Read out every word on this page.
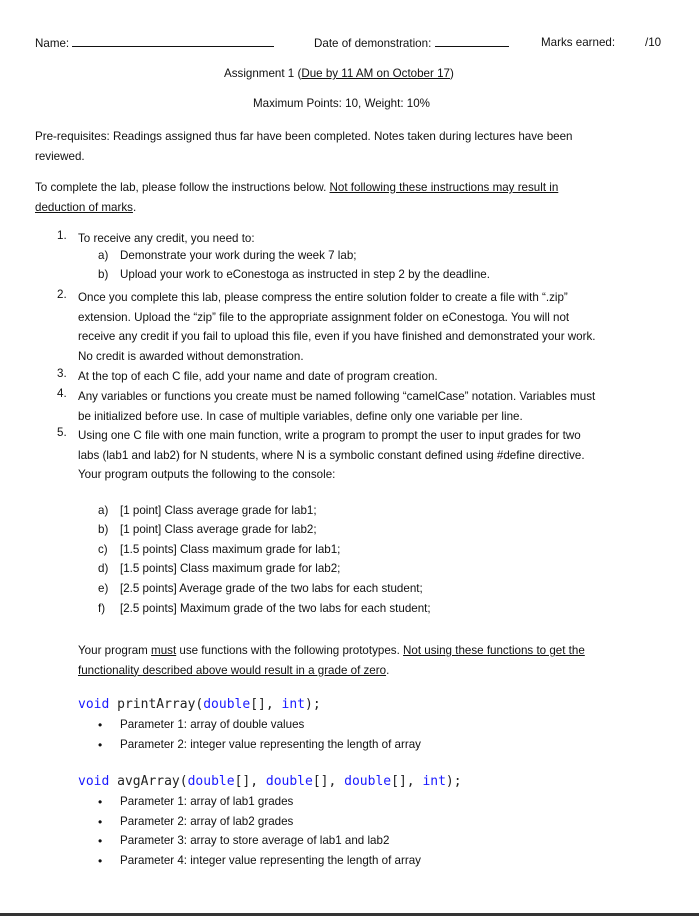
Name:	Date of demonstration:	Marks earned:	/10
Assignment 1 (Due by 11 AM on October 17)
Maximum Points: 10, Weight: 10%
Pre-requisites: Readings assigned thus far have been completed. Notes taken during lectures have been
reviewed.
To complete the lab, please follow the instructions below. Not following these instructions may result in
deduction of marks.
1. To receive any credit, you need to:
a) Demonstrate your work during the week 7 lab;
b) Upload your work to eConestoga as instructed in step 2 by the deadline.
2. Once you complete this lab, please compress the entire solution folder to create a file with “.zip”
extension. Upload the “zip” file to the appropriate assignment folder on eConestoga. You will not
receive any credit if you fail to upload this file, even if you have finished and demonstrated your work.
No credit is awarded without demonstration.
3. At the top of each C file, add your name and date of program creation.
4. Any variables or functions you create must be named following “camelCase” notation. Variables must
be initialized before use. In case of multiple variables, define only one variable per line.
5. Using one C file with one main function, write a program to prompt the user to input grades for two
labs (lab1 and lab2) for N students, where N is a symbolic constant defined using #define directive.
Your program outputs the following to the console:
a) [1 point] Class average grade for lab1;
b) [1 point] Class average grade for lab2;
c) [1.5 points] Class maximum grade for lab1;
d) [1.5 points] Class maximum grade for lab2;
e) [2.5 points] Average grade of the two labs for each student;
f) [2.5 points] Maximum grade of the two labs for each student;
Your program must use functions with the following prototypes. Not using these functions to get the
functionality described above would result in a grade of zero.
void printArray(double[], int);
• Parameter 1: array of double values
• Parameter 2: integer value representing the length of array
void avgArray(double[], double[], double[], int);
• Parameter 1: array of lab1 grades
• Parameter 2: array of lab2 grades
• Parameter 3: array to store average of lab1 and lab2
• Parameter 4: integer value representing the length of array
